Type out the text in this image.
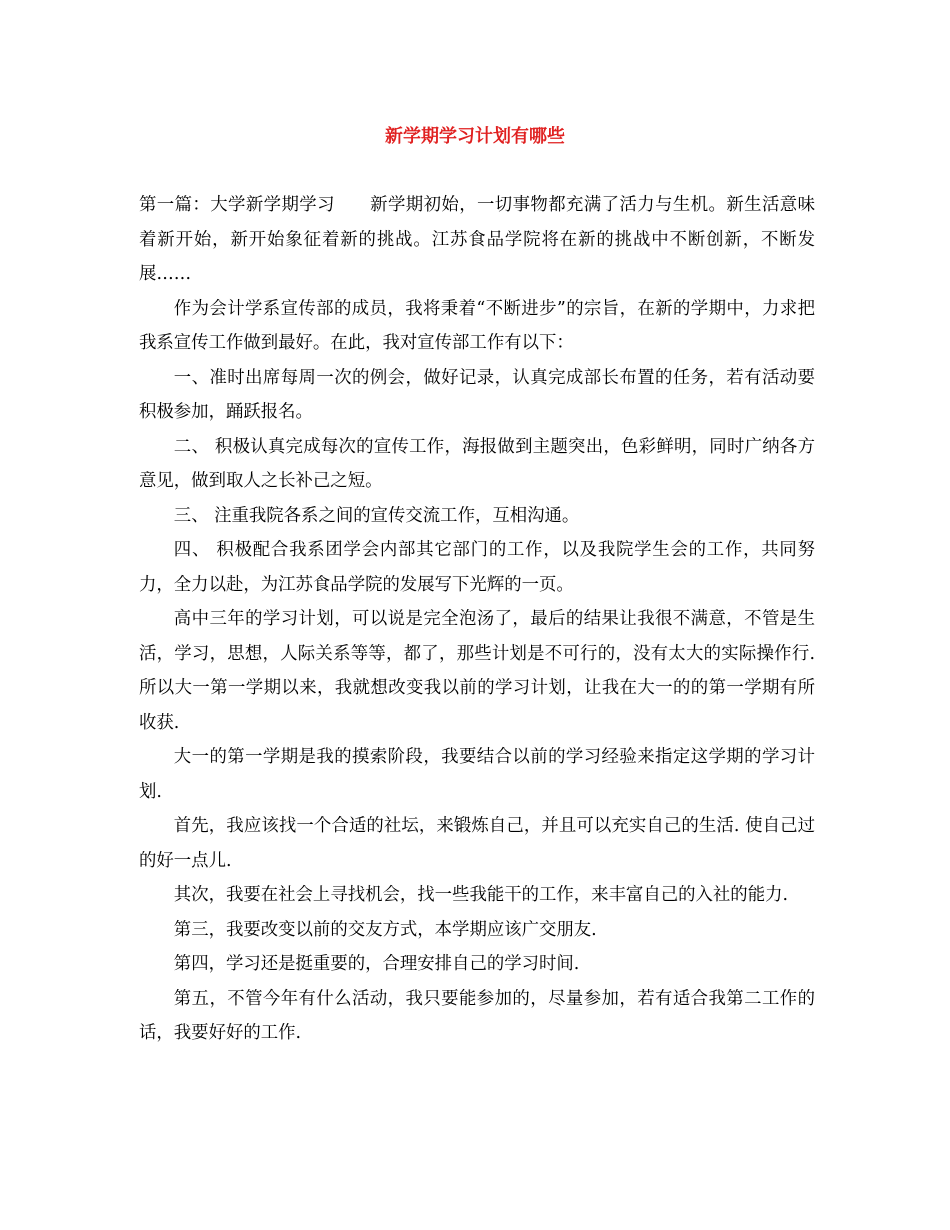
新学期学习计划有哪些

第一篇：大学新学期学习 新学期初始，一切事物都充满了活力与生机。新生活意味着新开始，新开始象征着新的挑战。江苏食品学院将在新的挑战中不断创新，不断发展……

作为会计学系宣传部的成员，我将秉着“不断进步”的宗旨，在新的学期中，力求把我系宣传工作做到最好。在此，我对宣传部工作有以下：

一、准时出席每周一次的例会，做好记录，认真完成部长布置的任务，若有活动要积极参加，踊跃报名。

二、 积极认真完成每次的宣传工作，海报做到主题突出，色彩鲜明，同时广纳各方意见，做到取人之长补己之短。

三、 注重我院各系之间的宣传交流工作，互相沟通。

四、 积极配合我系团学会内部其它部门的工作，以及我院学生会的工作，共同努力，全力以赴，为江苏食品学院的发展写下光辉的一页。

高中三年的学习计划，可以说是完全泡汤了，最后的结果让我很不满意，不管是生活，学习，思想，人际关系等等，都了，那些计划是不可行的，没有太大的实际操作行.所以大一第一学期以来，我就想改变我以前的学习计划，让我在大一的的第一学期有所收获.

大一的第一学期是我的摸索阶段，我要结合以前的学习经验来指定这学期的学习计划.

首先，我应该找一个合适的社坛，来锻炼自己，并且可以充实自己的生活. 使自己过的好一点儿.

其次，我要在社会上寻找机会，找一些我能干的工作，来丰富自己的入社的能力.

第三，我要改变以前的交友方式，本学期应该广交朋友.

第四，学习还是挺重要的，合理安排自己的学习时间.

第五，不管今年有什么活动，我只要能参加的，尽量参加，若有适合我第二工作的话，我要好好的工作.
